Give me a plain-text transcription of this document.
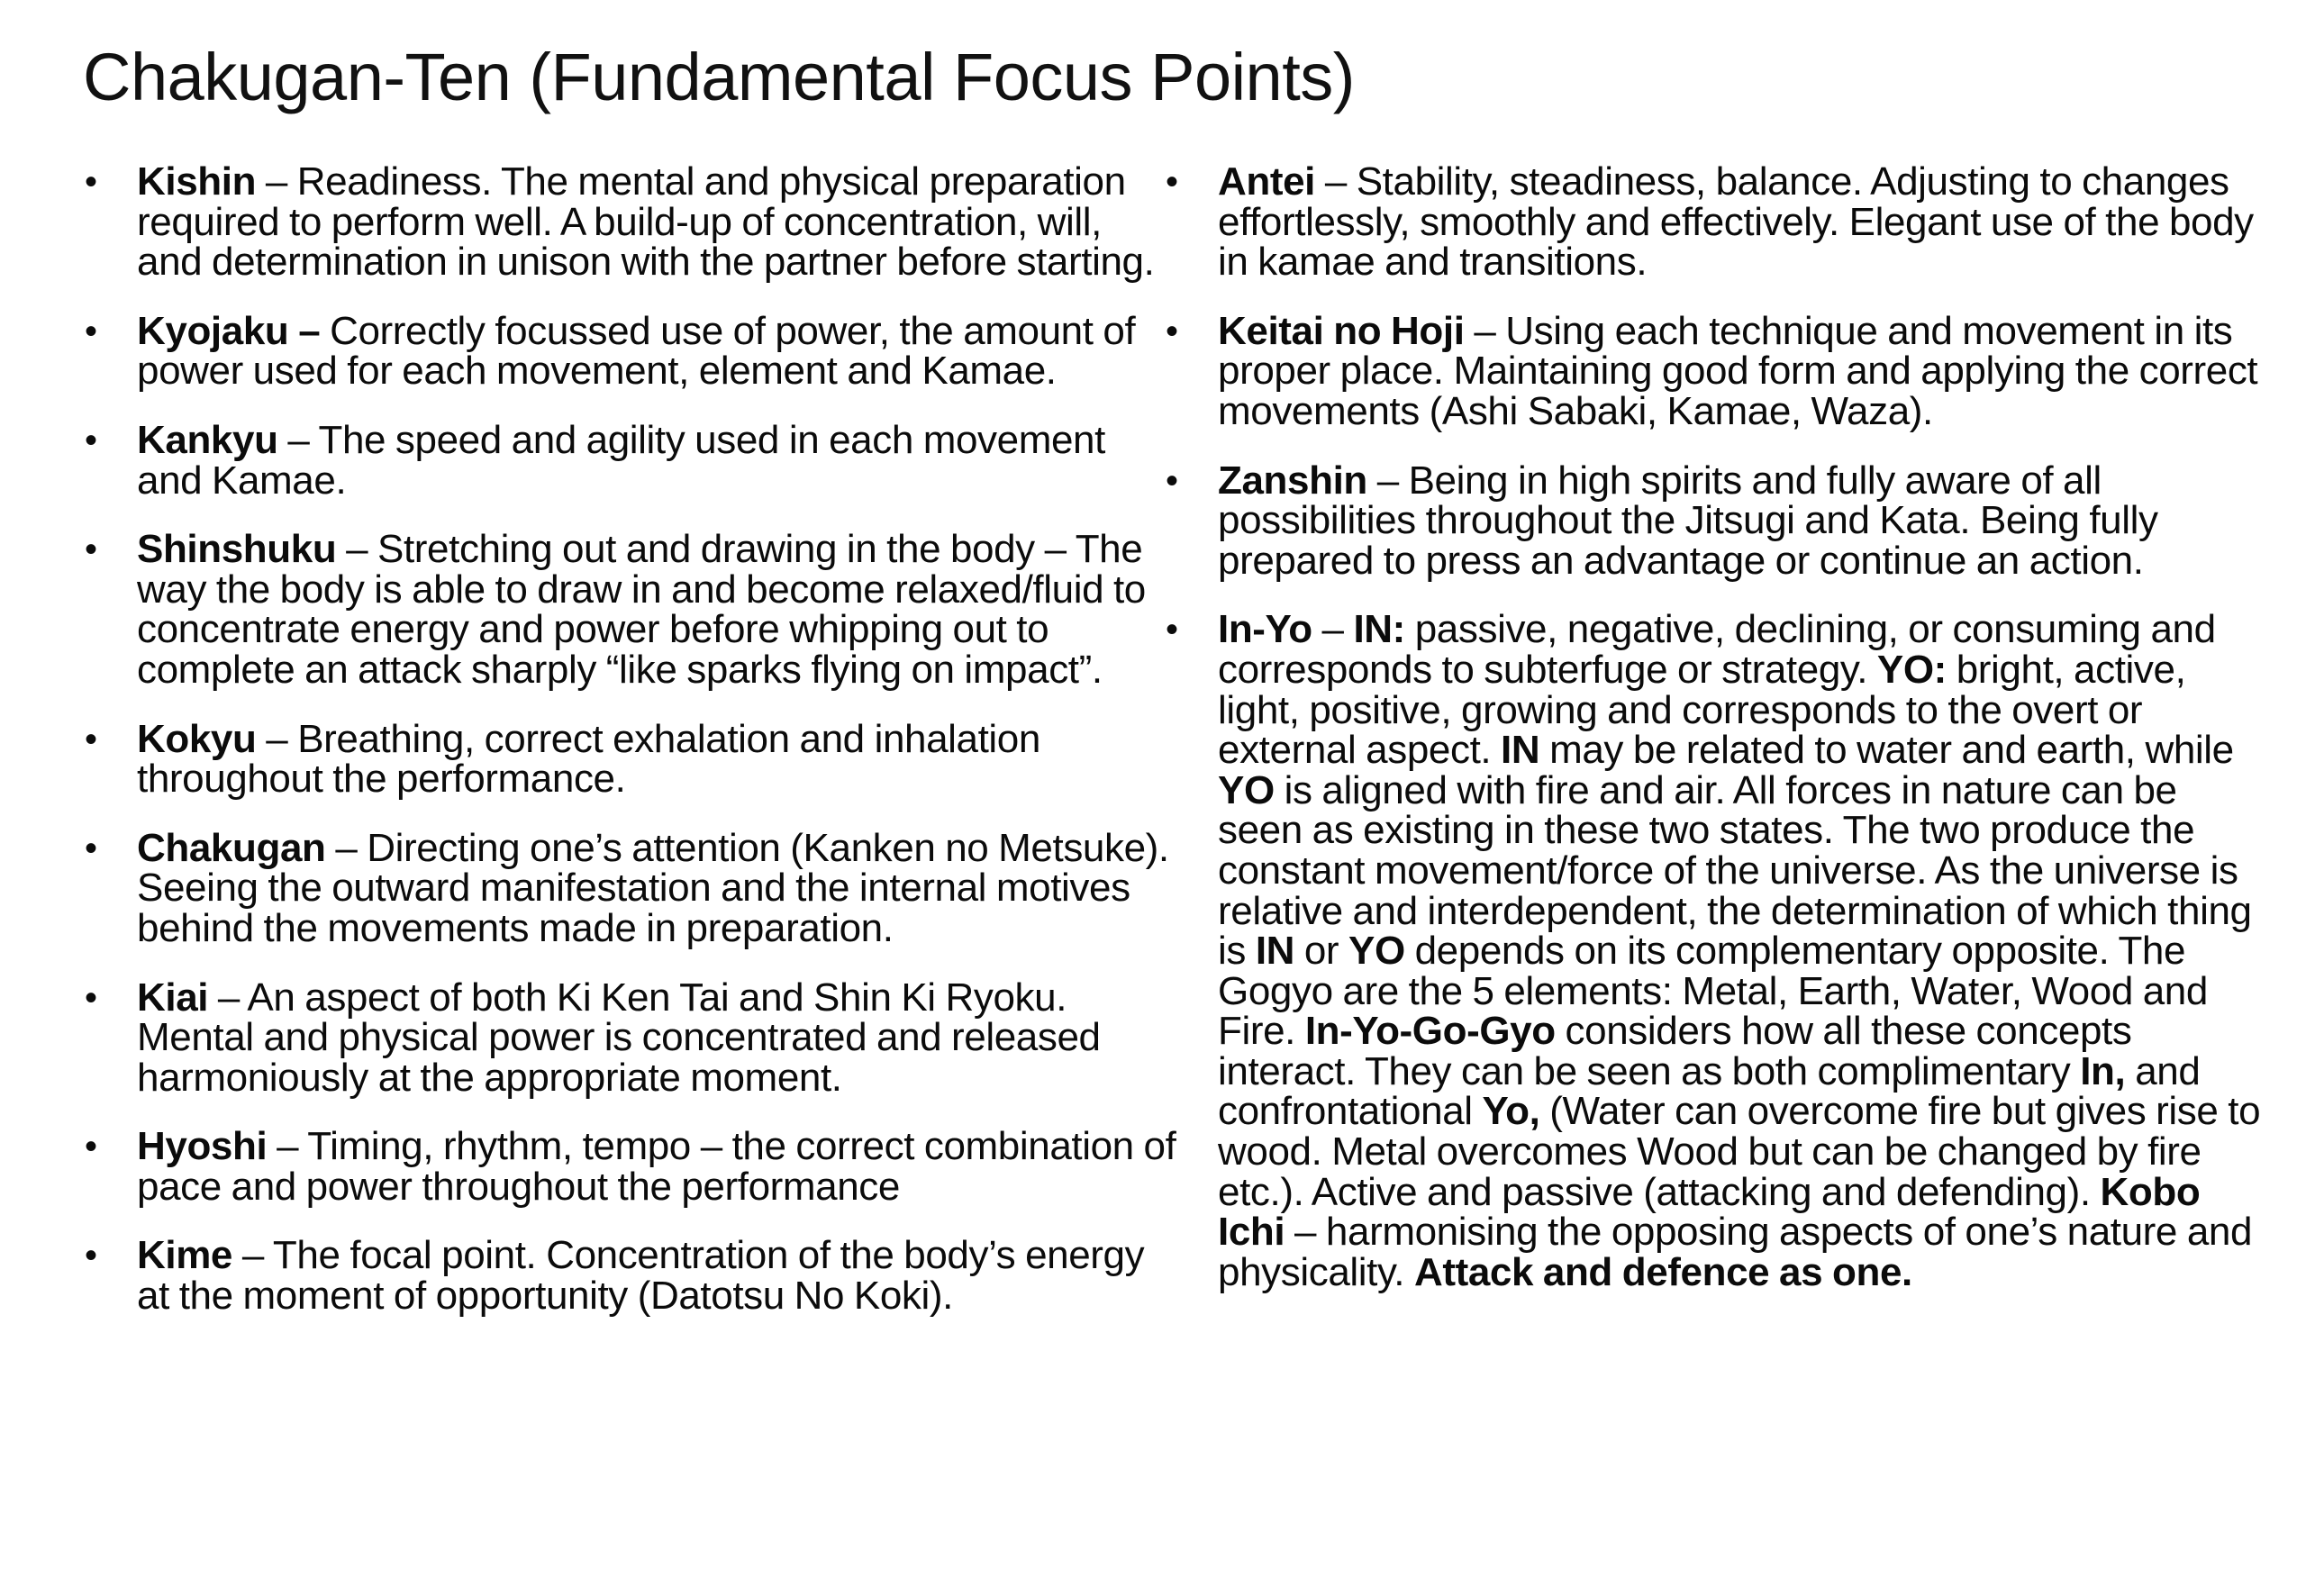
Chakugan-Ten (Fundamental Focus Points)
• Kishin – Readiness. The mental and physical preparation required to perform well. A build-up of concentration, will, and determination in unison with the partner before starting.
• Kyojaku – Correctly focussed use of power, the amount of power used for each movement, element and Kamae.
• Kankyu – The speed and agility used in each movement and Kamae.
• Shinshuku – Stretching out and drawing in the body – The way the body is able to draw in and become relaxed/fluid to concentrate energy and power before whipping out to complete an attack sharply “like sparks flying on impact”.
• Kokyu – Breathing, correct exhalation and inhalation throughout the performance.
• Chakugan – Directing one’s attention (Kanken no Metsuke). Seeing the outward manifestation and the internal motives behind the movements made in preparation.
• Kiai – An aspect of both Ki Ken Tai and Shin Ki Ryoku. Mental and physical power is concentrated and released harmoniously at the appropriate moment.
• Hyoshi – Timing, rhythm, tempo – the correct combination of pace and power throughout the performance
• Kime – The focal point. Concentration of the body’s energy at the moment of opportunity (Datotsu No Koki).
• Antei – Stability, steadiness, balance. Adjusting to changes effortlessly, smoothly and effectively. Elegant use of the body in kamae and transitions.
• Keitai no Hoji – Using each technique and movement in its proper place. Maintaining good form and applying the correct movements (Ashi Sabaki, Kamae, Waza).
• Zanshin – Being in high spirits and fully aware of all possibilities throughout the Jitsugi and Kata. Being fully prepared to press an advantage or continue an action.
• In-Yo – IN: passive, negative, declining, or consuming and corresponds to subterfuge or strategy. YO: bright, active, light, positive, growing and corresponds to the overt or external aspect. IN may be related to water and earth, while YO is aligned with fire and air. All forces in nature can be seen as existing in these two states. The two produce the constant movement/force of the universe. As the universe is relative and interdependent, the determination of which thing is IN or YO depends on its complementary opposite. The Gogyo are the 5 elements: Metal, Earth, Water, Wood and Fire. In-Yo-Go-Gyo considers how all these concepts interact. They can be seen as both complimentary In, and confrontational Yo, (Water can overcome fire but gives rise to wood. Metal overcomes Wood but can be changed by fire etc.). Active and passive (attacking and defending). Kobo Ichi – harmonising the opposing aspects of one’s nature and physicality. Attack and defence as one.
